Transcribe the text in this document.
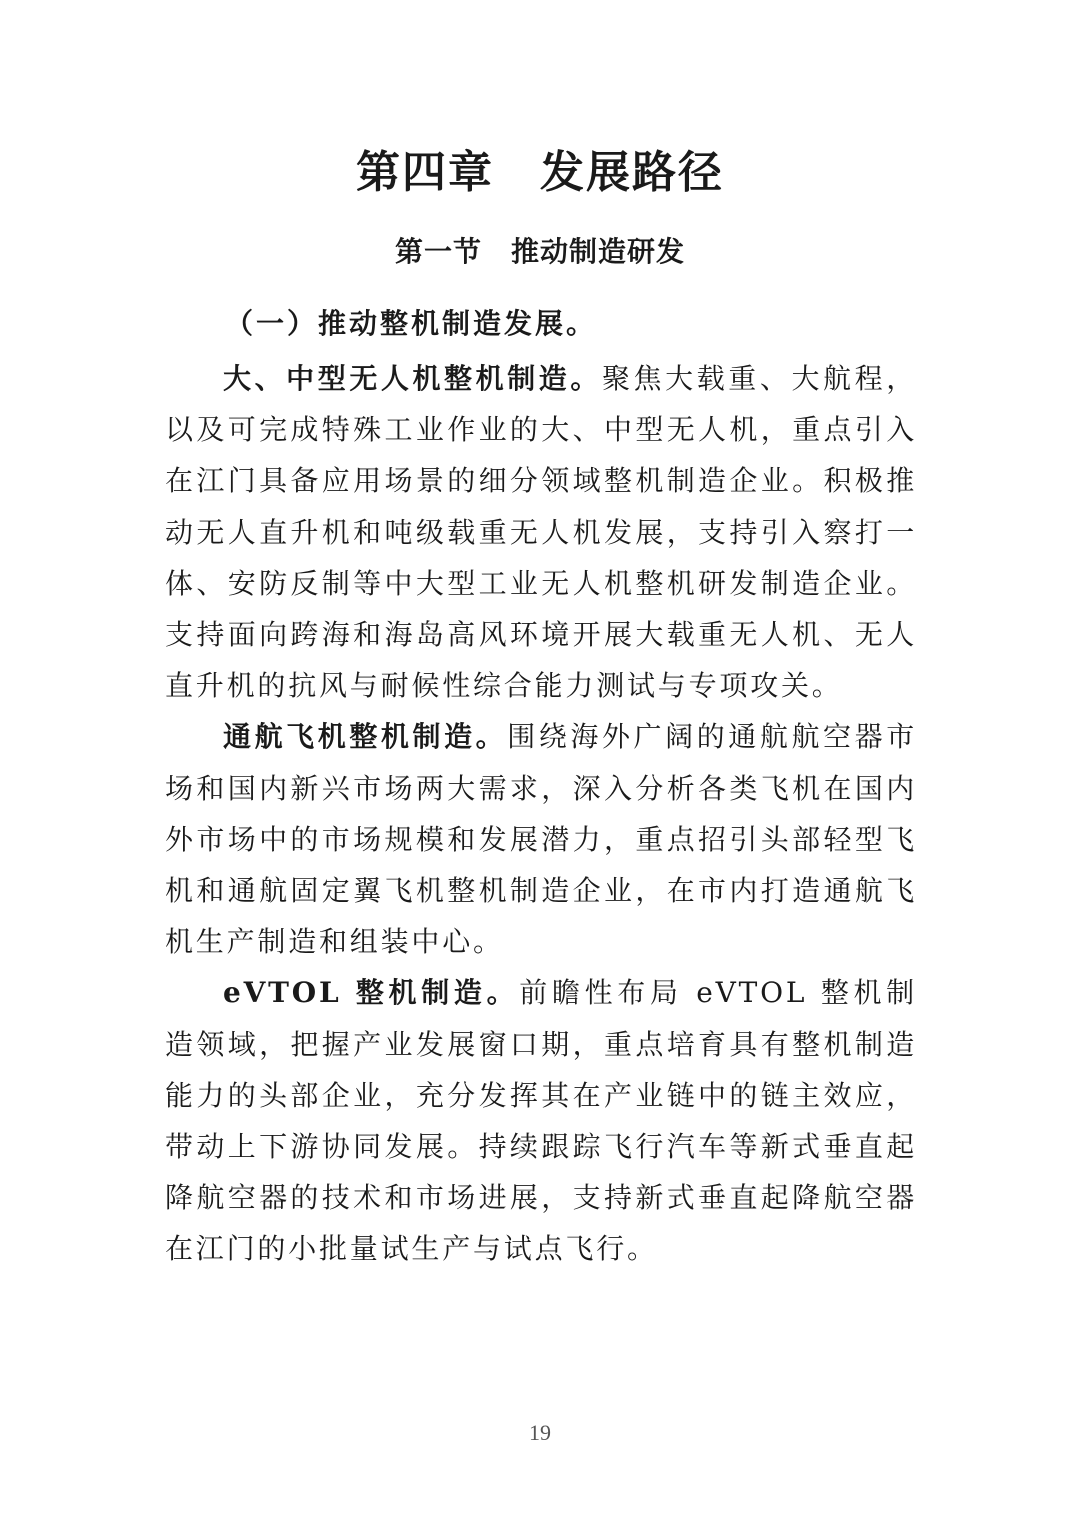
第四章　发展路径
第一节　推动制造研发

（一）推动整机制造发展。

大、中型无人机整机制造。聚焦大载重、大航程，以及可完成特殊工业作业的大、中型无人机，重点引入在江门具备应用场景的细分领域整机制造企业。积极推动无人直升机和吨级载重无人机发展，支持引入察打一体、安防反制等中大型工业无人机整机研发制造企业。支持面向跨海和海岛高风环境开展大载重无人机、无人直升机的抗风与耐候性综合能力测试与专项攻关。

通航飞机整机制造。围绕海外广阔的通航航空器市场和国内新兴市场两大需求，深入分析各类飞机在国内外市场中的市场规模和发展潜力，重点招引头部轻型飞机和通航固定翼飞机整机制造企业，在市内打造通航飞机生产制造和组装中心。

eVTOL 整机制造。前瞻性布局 eVTOL 整机制造领域，把握产业发展窗口期，重点培育具有整机制造能力的头部企业，充分发挥其在产业链中的链主效应，带动上下游协同发展。持续跟踪飞行汽车等新式垂直起降航空器的技术和市场进展，支持新式垂直起降航空器在江门的小批量试生产与试点飞行。

19
